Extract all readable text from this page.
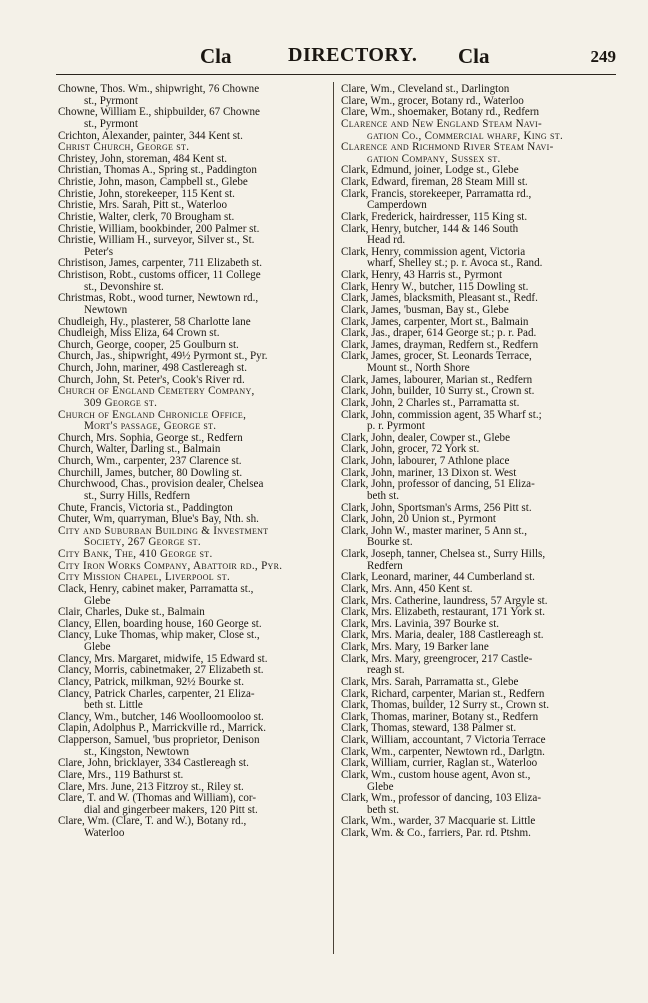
Cla	DIRECTORY. Cla	249
Chowne, Thos. Wm., shipwright, 76 Chowne
st., Pyrmont
Chowne, William E., shipbuilder, 67 Chowne
st., Pyrmont
Crichton, Alexander, painter, 344 Kent st.
Christ Church, George st.
Christey, John, storeman, 484 Kent st.
Christian, Thomas A., Spring st., Paddington
Christie, John, mason, Campbell st., Glebe
Christie, John, storekeeper, 115 Kent st.
Christie, Mrs. Sarah, Pitt st., Waterloo
Christie, Walter, clerk, 70 Brougham st.
Christie, William, bookbinder, 200 Palmer st.
Christie, William H., surveyor, Silver st., St.
Peter's
Christison, James, carpenter, 711 Elizabeth st.
Christison, Robt., customs officer, 11 College
st., Devonshire st.
Christmas, Robt., wood turner, Newtown rd.,
Newtown
Chudleigh, Hy., plasterer, 58 Charlotte lane
Chudleigh, Miss Eliza, 64 Crown st.
Church, George, cooper, 25 Goulburn st.
Church, Jas., shipwright, 49½ Pyrmont st., Pyr.
Church, John, mariner, 498 Castlereagh st.
Church, John, St. Peter's, Cook's River rd.
Church of England Cemetery Company,
309 George st.
Church of England Chronicle Office,
Mort's passage, George st.
Church, Mrs. Sophia, George st., Redfern
Church, Walter, Darling st., Balmain
Church, Wm., carpenter, 237 Clarence st.
Churchill, James, butcher, 80 Dowling st.
Churchwood, Chas., provision dealer, Chelsea
st., Surry Hills, Redfern
Chute, Francis, Victoria st., Paddington
Chuter, Wm, quarryman, Blue's Bay, Nth. sh.
City and Suburban Building & Investment
Society, 267 George st.
City Bank, The, 410 George st.
City Iron Works Company, Abattoir rd., Pyr.
City Mission Chapel, Liverpool st.
Clack, Henry, cabinet maker, Parramatta st.,
Glebe
Clair, Charles, Duke st., Balmain
Clancy, Ellen, boarding house, 160 George st.
Clancy, Luke Thomas, whip maker, Close st.,
Glebe
Clancy, Mrs. Margaret, midwife, 15 Edward st.
Clancy, Morris, cabinetmaker, 27 Elizabeth st.
Clancy, Patrick, milkman, 92½ Bourke st.
Clancy, Patrick Charles, carpenter, 21 Eliza-
beth st. Little
Clancy, Wm., butcher, 146 Woolloomooloo st.
Clapin, Adolphus P., Marrickville rd., Marrick.
Clapperson, Samuel, 'bus proprietor, Denison
st., Kingston, Newtown
Clare, John, bricklayer, 334 Castlereagh st.
Clare, Mrs., 119 Bathurst st.
Clare, Mrs. June, 213 Fitzroy st., Riley st.
Clare, T. and W. (Thomas and William), cor-
dial and gingerbeer makers, 120 Pitt st.
Clare, Wm. (Clare, T. and W.), Botany rd.,
Waterloo
Clare, Wm., Cleveland st., Darlington
Clare, Wm., grocer, Botany rd., Waterloo
Clare, Wm., shoemaker, Botany rd., Redfern
Clarence and New England Steam Navi-
gation Co., Commercial wharf, King st.
Clarence and Richmond River Steam Navi-
gation Company, Sussex st.
Clark, Edmund, joiner, Lodge st., Glebe
Clark, Edward, fireman, 28 Steam Mill st.
Clark, Francis, storekeeper, Parramatta rd.,
Camperdown
Clark, Frederick, hairdresser, 115 King st.
Clark, Henry, butcher, 144 & 146 South
Head rd.
Clark, Henry, commission agent, Victoria
wharf, Shelley st.; p. r. Avoca st., Rand.
Clark, Henry, 43 Harris st., Pyrmont
Clark, Henry W., butcher, 115 Dowling st.
Clark, James, blacksmith, Pleasant st., Redf.
Clark, James, 'busman, Bay st., Glebe
Clark, James, carpenter, Mort st., Balmain
Clark, Jas., draper, 614 George st.; p. r. Pad.
Clark, James, drayman, Redfern st., Redfern
Clark, James, grocer, St. Leonards Terrace,
Mount st., North Shore
Clark, James, labourer, Marian st., Redfern
Clark, John, builder, 10 Surry st., Crown st.
Clark, John, 2 Charles st., Parramatta st.
Clark, John, commission agent, 35 Wharf st.;
p. r. Pyrmont
Clark, John, dealer, Cowper st., Glebe
Clark, John, grocer, 72 York st.
Clark, John, labourer, 7 Athlone place
Clark, John, mariner, 13 Dixon st. West
Clark, John, professor of dancing, 51 Eliza-
beth st.
Clark, John, Sportsman's Arms, 256 Pitt st.
Clark, John, 20 Union st., Pyrmont
Clark, John W., master mariner, 5 Ann st.,
Bourke st.
Clark, Joseph, tanner, Chelsea st., Surry Hills,
Redfern
Clark, Leonard, mariner, 44 Cumberland st.
Clark, Mrs. Ann, 450 Kent st.
Clark, Mrs. Catherine, laundress, 57 Argyle st.
Clark, Mrs. Elizabeth, restaurant, 171 York st.
Clark, Mrs. Lavinia, 397 Bourke st.
Clark, Mrs. Maria, dealer, 188 Castlereagh st.
Clark, Mrs. Mary, 19 Barker lane
Clark, Mrs. Mary, greengrocer, 217 Castle-
reagh st.
Clark, Mrs. Sarah, Parramatta st., Glebe
Clark, Richard, carpenter, Marian st., Redfern
Clark, Thomas, builder, 12 Surry st., Crown st.
Clark, Thomas, mariner, Botany st., Redfern
Clark, Thomas, steward, 138 Palmer st.
Clark, William, accountant, 7 Victoria Terrace
Clark, Wm., carpenter, Newtown rd., Darlgtn.
Clark, William, currier, Raglan st., Waterloo
Clark, Wm., custom house agent, Avon st.,
Glebe
Clark, Wm., professor of dancing, 103 Eliza-
beth st.
Clark, Wm., warder, 37 Macquarie st. Little
Clark, Wm. & Co., farriers, Par. rd. Ptshm.
